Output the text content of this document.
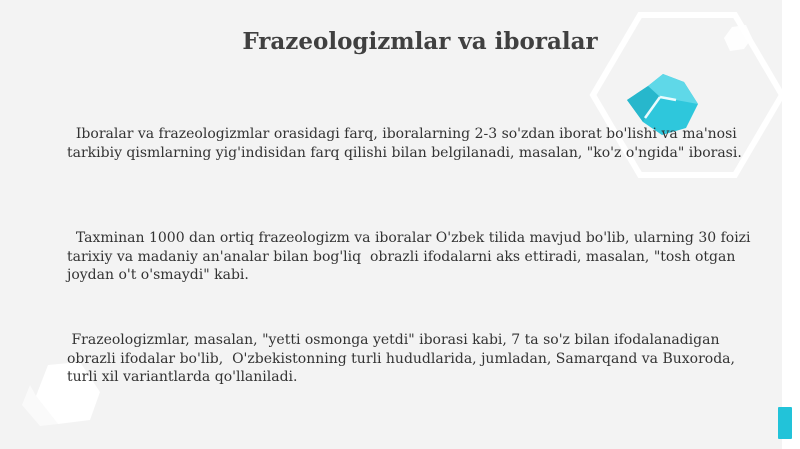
Frazeologizmlar va iboralar

Iboralar va frazeologizmlar orasidagi farq, iboralarning 2-3 so'zdan iborat bo'lishi va ma'nosi tarkibiy qismlarning yig'indisidan farq qilishi bilan belgilanadi, masalan, "ko'z o'ngida" iborasi.

Taxminan 1000 dan ortiq frazeologizm va iboralar O'zbek tilida mavjud bo'lib, ularning 30 foizi  tarixiy va madaniy an'analar bilan bog'liq  obrazli ifodalarni aks ettiradi, masalan, "tosh otgan joydan o't o'smaydi" kabi.

Frazeologizmlar, masalan, "yetti osmonga yetdi" iborasi kabi, 7 ta so'z bilan ifodalanadigan obrazli ifodalar bo'lib,  O'zbekistonning turli hududlarida, jumladan, Samarqand va Buxoroda, turli xil variantlarda qo'llaniladi.
